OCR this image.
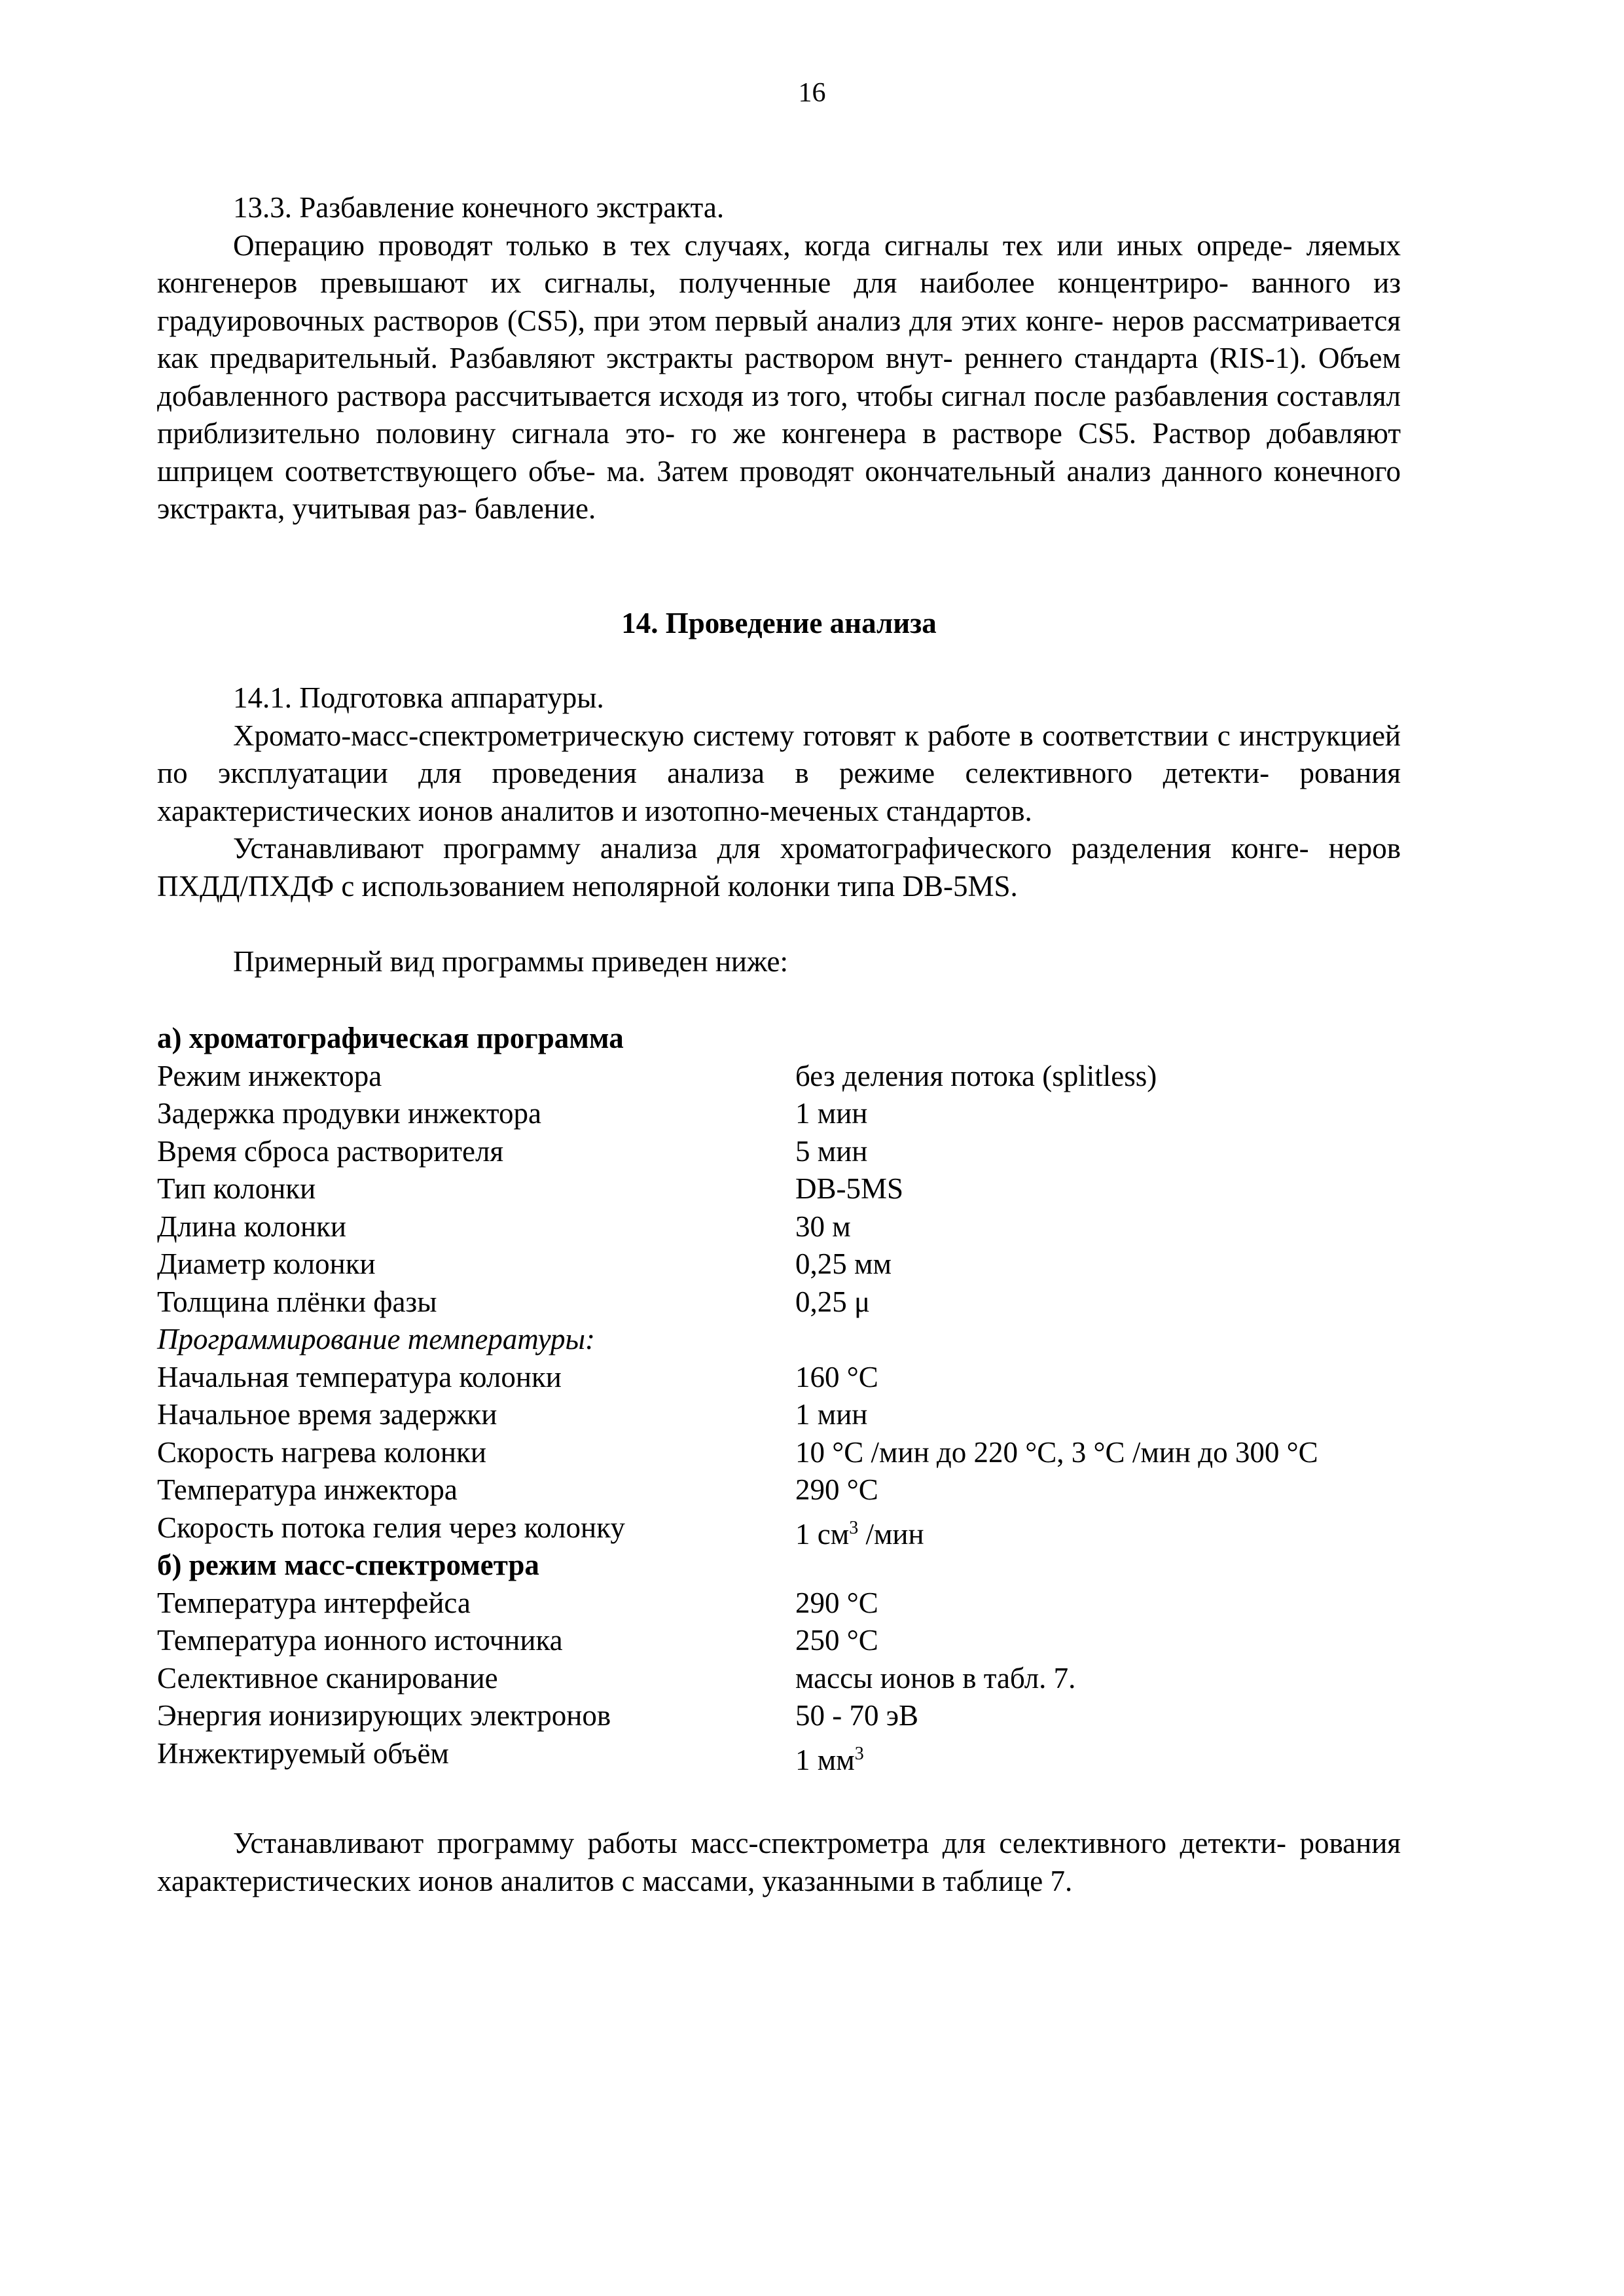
16

13.3. Разбавление конечного экстракта.

Операцию проводят только в тех случаях, когда сигналы тех или иных опреде- ляемых конгенеров превышают их сигналы, полученные для наиболее концентриро- ванного из градуировочных растворов (CS5), при этом первый анализ для этих конге- неров рассматривается как предварительный. Разбавляют экстракты раствором внут- реннего стандарта (RIS-1). Объем добавленного раствора рассчитывается исходя из того, чтобы сигнал после разбавления составлял приблизительно половину сигнала это- го же конгенера в растворе CS5. Раствор добавляют шприцем соответствующего объе- ма. Затем проводят окончательный анализ данного конечного экстракта, учитывая раз- бавление.

14. Проведение анализа

14.1. Подготовка аппаратуры.

Хромато-масс-спектрометрическую систему готовят к работе в соответствии с инструкцией по эксплуатации для проведения анализа в режиме селективного детекти- рования характеристических ионов аналитов и изотопно-меченых стандартов.

Устанавливают программу анализа для хроматографического разделения конге- неров ПХДД/ПХДФ с использованием неполярной колонки типа DB-5MS.

Примерный вид программы приведен ниже:

а) хроматографическая программа
Режим инжектора	без деления потока (splitless)
Задержка продувки инжектора	1 мин
Время сброса растворителя	5 мин
Тип колонки	DB-5MS
Длина колонки	30 м
Диаметр колонки	0,25 мм
Толщина плёнки фазы	0,25 μ
Программирование температуры:
Начальная температура колонки	160 °С
Начальное время задержки	1 мин
Скорость нагрева колонки	10 °С /мин до 220 °С, 3 °С /мин до 300 °С
Температура инжектора	290 °С
Скорость потока гелия через колонку	1 $см^3$ /мин
б) режим масс-спектрометра
Температура интерфейса	290 °С
Температура ионного источника	250 °С
Селективное сканирование	массы ионов в табл. 7.
Энергия ионизирующих электронов	50 - 70 эВ
Инжектируемый объём	1 $мм^3$

Устанавливают программу работы масс-спектрометра для селективного детекти- рования характеристических ионов аналитов с массами, указанными в таблице 7.
